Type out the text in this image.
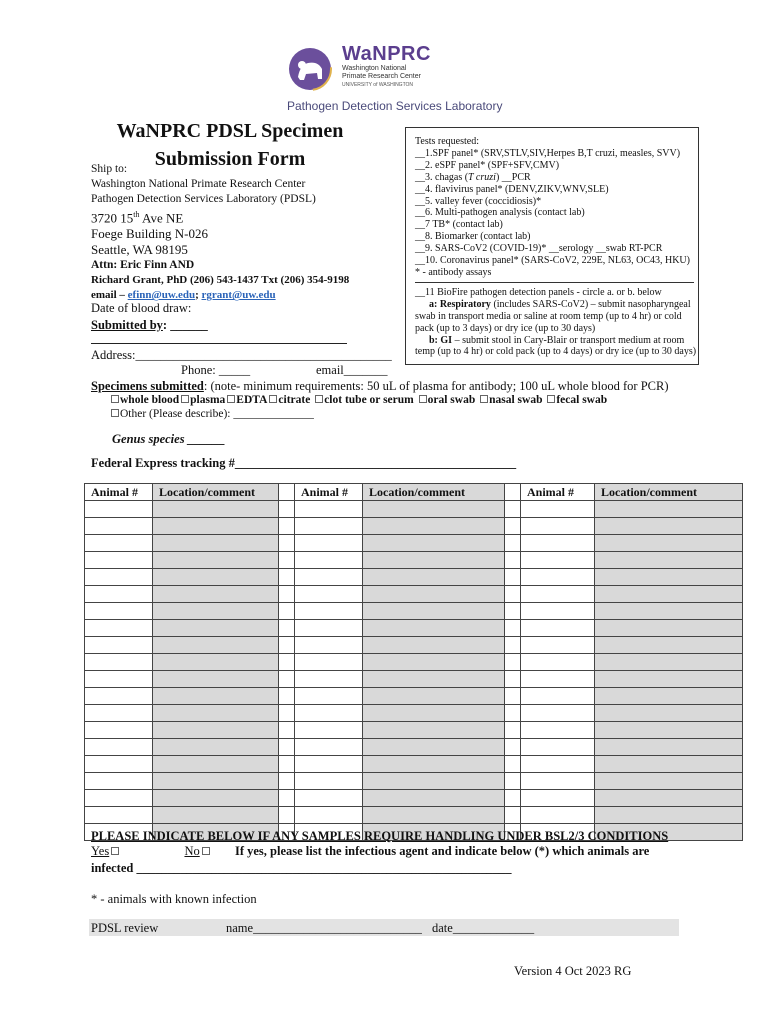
WaNPRC
Washington National
Primate Research Center
UNIVERSITY of WASHINGTON
Pathogen Detection Services Laboratory
WaNPRC PDSL Specimen
Submission Form
Ship to:
Washington National Primate Research Center
Pathogen Detection Services Laboratory (PDSL)
3720 15th Ave NE
Foege Building N-026
Seattle, WA 98195
Attn: Eric Finn AND
Richard Grant, PhD (206) 543-1437 Txt (206) 354-9198
email – efinn@uw.edu; rgrant@uw.edu
Tests requested:
__1.SPF panel* (SRV,STLV,SIV,Herpes B,T cruzi, measles, SVV)
__2. eSPF panel* (SPF+SFV,CMV)
__3. chagas (T cruzi) __PCR
__4. flavivirus panel* (DENV,ZIKV,WNV,SLE)
__5. valley fever (coccidiosis)*
__6. Multi-pathogen analysis (contact lab)
__7 TB* (contact lab)
__8. Biomarker (contact lab)
__9. SARS-CoV2 (COVID-19)* __serology __swab RT-PCR
__10. Coronavirus panel* (SARS-CoV2, 229E, NL63, OC43, HKU)
* - antibody assays
__11 BioFire pathogen detection panels - circle a. or b. below
a: Respiratory (includes SARS-CoV2) – submit nasopharyngeal swab in transport media or saline at room temp (up to 4 hr) or cold pack (up to 3 days) or dry ice (up to 30 days)
b: GI – submit stool in Cary-Blair or transport medium at room temp (up to 4 hr) or cold pack (up to 4 days) or dry ice (up to 30 days)
Date of blood draw:
Submitted by: ______
Address:_________________________________________
Phone: _____	email_______
Specimens submitted: (note- minimum requirements: 50 uL of plasma for antibody; 100 uL whole blood for PCR)
whole blood plasma EDTA citrate clot tube or serum oral swab nasal swab fecal swab
Other (Please describe): ______________
Genus species ______
Federal Express tracking #_____________________________________________
Animal #	Location/comment		Animal #	Location/comment		Animal #	Location/comment

PLEASE INDICATE BELOW IF ANY SAMPLES REQUIRE HANDLING UNDER BSL2/3 CONDITIONS
Yes	No	If yes, please list the infectious agent and indicate below (*) which animals are
infected ____________________________________________________________
* - animals with known infection
PDSL review	name___________________________ date_____________
Version 4 Oct 2023 RG
